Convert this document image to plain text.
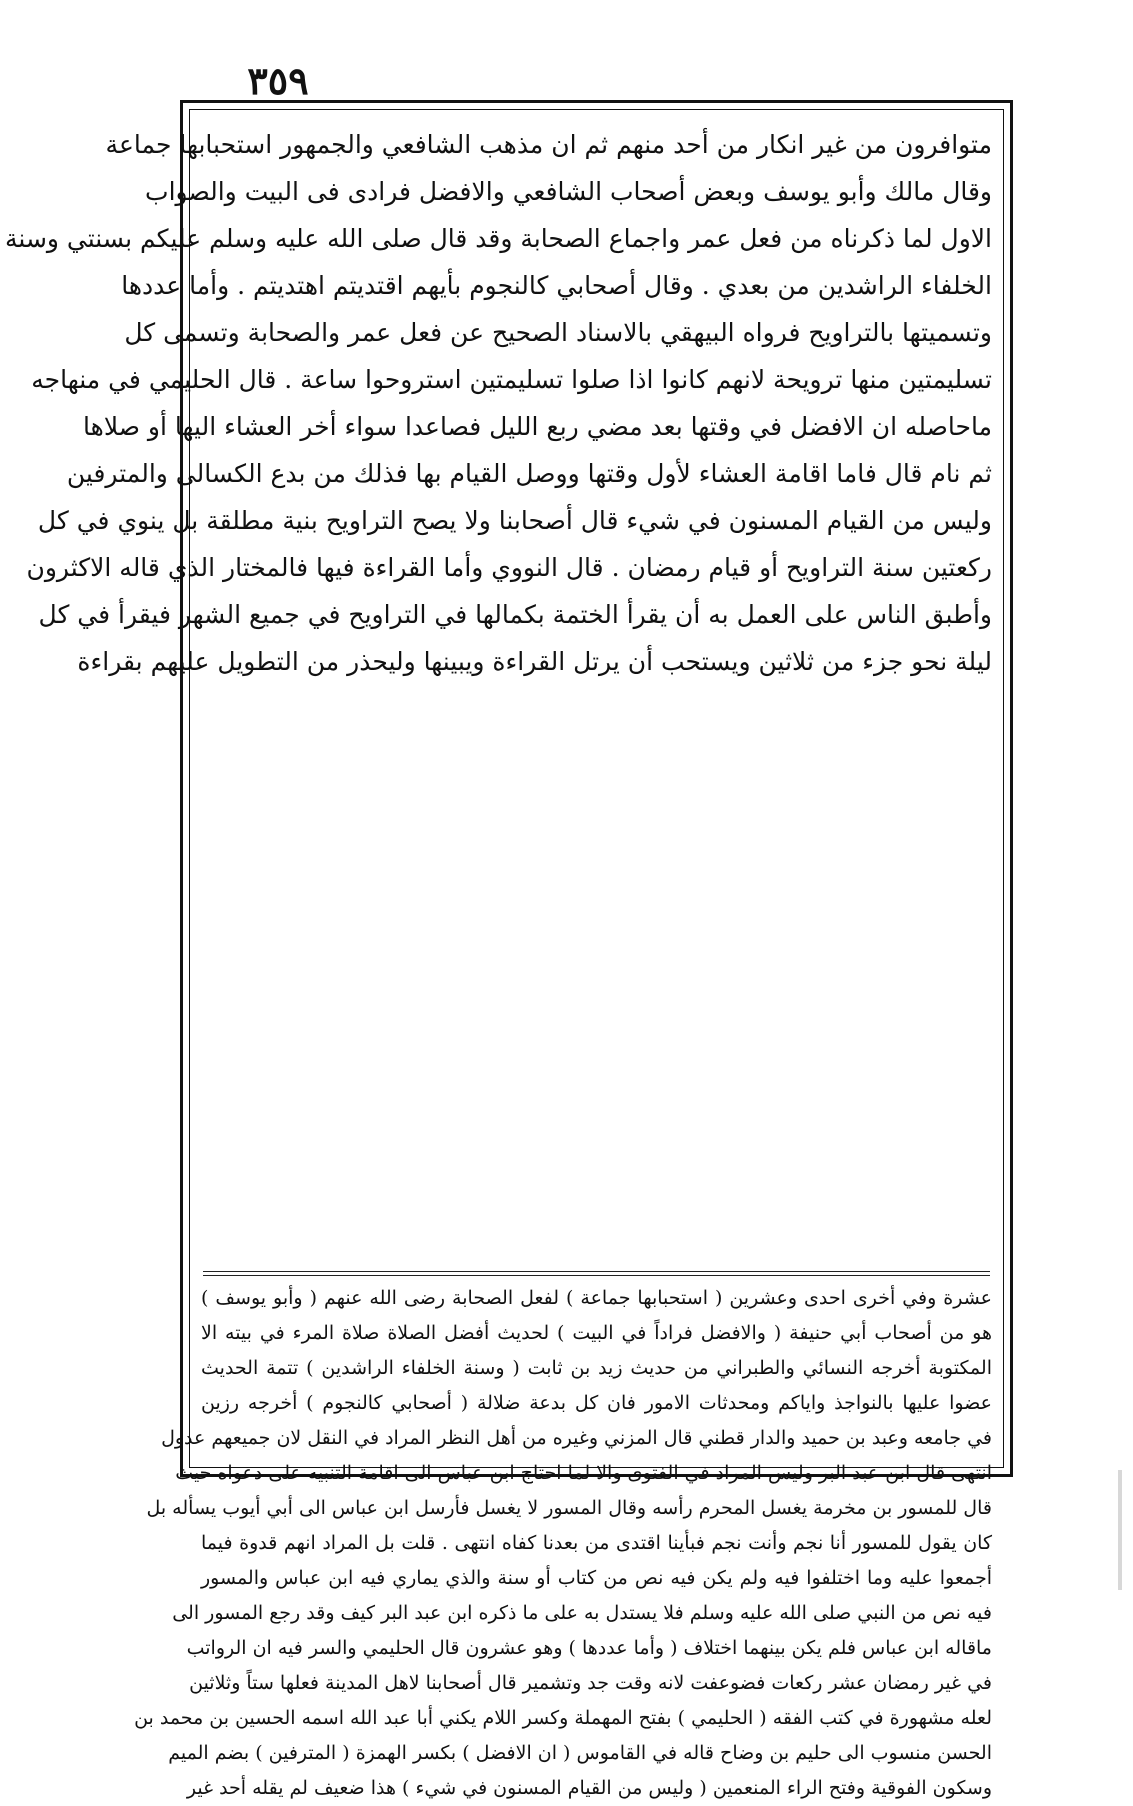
٣٥٩
متوافرون من غير انكار من أحد منهم ثم ان مذهب الشافعي والجمهور استحبابها جماعة
وقال مالك وأبو يوسف وبعض أصحاب الشافعي والافضل فرادى فى البيت والصواب
الاول لما ذكرناه من فعل عمر واجماع الصحابة وقد قال صلى الله عليه وسلم عليكم بسنتي وسنة
الخلفاء الراشدين من بعدي . وقال أصحابي كالنجوم بأيهم اقتديتم اهتديتم . وأما عددها
وتسميتها بالتراويح فرواه البيهقي بالاسناد الصحيح عن فعل عمر والصحابة وتسمى كل
تسليمتين منها ترويحة لانهم كانوا اذا صلوا تسليمتين استروحوا ساعة . قال الحليمي في منهاجه
ماحاصله ان الافضل في وقتها بعد مضي ربع الليل فصاعدا سواء أخر العشاء اليها أو صلاها
ثم نام قال فاما اقامة العشاء لأول وقتها ووصل القيام بها فذلك من بدع الكسالى والمترفين
وليس من القيام المسنون في شيء قال أصحابنا ولا يصح التراويح بنية مطلقة بل ينوي في كل
ركعتين سنة التراويح أو قيام رمضان . قال النووي وأما القراءة فيها فالمختار الذي قاله الاكثرون
وأطبق الناس على العمل به أن يقرأ الختمة بكمالها في التراويح في جميع الشهر فيقرأ في كل
ليلة نحو جزء من ثلاثين ويستحب أن يرتل القراءة ويبينها وليحذر من التطويل عليهم بقراءة
عشرة وفي أخرى احدى وعشرين ( استحبابها جماعة ) لفعل الصحابة رضى الله عنهم ( وأبو يوسف )
هو من أصحاب أبي حنيفة ( والافضل فراداً في البيت ) لحديث أفضل الصلاة صلاة المرء في بيته الا
المكتوبة أخرجه النسائي والطبراني من حديث زيد بن ثابت ( وسنة الخلفاء الراشدين ) تتمة الحديث
عضوا عليها بالنواجذ واياكم ومحدثات الامور فان كل بدعة ضلالة ( أصحابي كالنجوم ) أخرجه رزين
في جامعه وعبد بن حميد والدار قطني قال المزني وغيره من أهل النظر المراد في النقل لان جميعهم عدول
انتهى قال ابن عبد البر وليس المراد في الفتوى والا لما احتاج ابن عباس الى اقامة التنبيه على دعواه حيث
قال للمسور بن مخرمة يغسل المحرم رأسه وقال المسور لا يغسل فأرسل ابن عباس الى أبي أيوب يسأله بل
كان يقول للمسور أنا نجم وأنت نجم فبأينا اقتدى من بعدنا كفاه انتهى . قلت بل المراد انهم قدوة فيما
أجمعوا عليه وما اختلفوا فيه ولم يكن فيه نص من كتاب أو سنة والذي يماري فيه ابن عباس والمسور
فيه نص من النبي صلى الله عليه وسلم فلا يستدل به على ما ذكره ابن عبد البر كيف وقد رجع المسور الى
ماقاله ابن عباس فلم يكن بينهما اختلاف ( وأما عددها ) وهو عشرون قال الحليمي والسر فيه ان الرواتب
في غير رمضان عشر ركعات فضوعفت لانه وقت جد وتشمير قال أصحابنا لاهل المدينة فعلها ستاً وثلاثين
لعله مشهورة في كتب الفقه ( الحليمي ) بفتح المهملة وكسر اللام يكني أبا عبد الله اسمه الحسين بن محمد بن
الحسن منسوب الى حليم بن وضاح قاله في القاموس ( ان الافضل ) بكسر الهمزة ( المترفين ) بضم الميم
وسكون الفوقية وفتح الراء المنعمين ( وليس من القيام المسنون في شيء ) هذا ضعيف لم يقله أحد غير
